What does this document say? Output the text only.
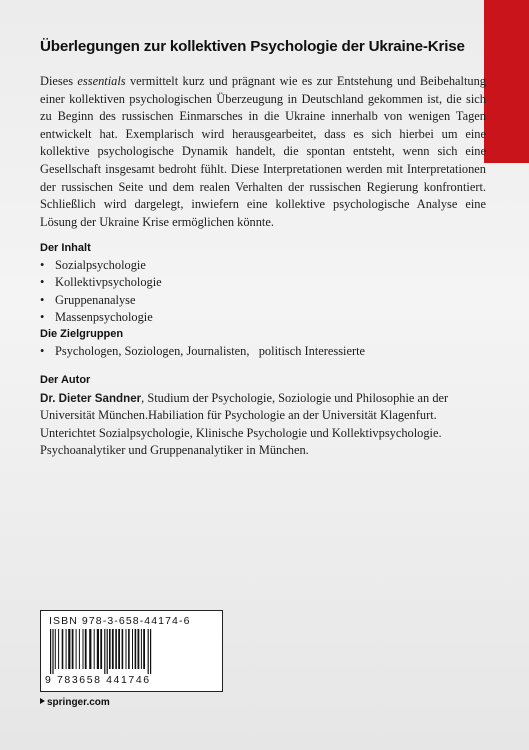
Überlegungen zur kollektiven Psychologie der Ukraine-Krise

Dieses essentials vermittelt kurz und prägnant wie es zur Entstehung und Beibehaltung einer kollektiven psychologischen Überzeugung in Deutschland gekommen ist, die sich zu Beginn des russischen Einmarsches in die Ukraine innerhalb von wenigen Tagen entwickelt hat. Exemplarisch wird herausgearbeitet, dass es sich hierbei um eine kollektive psychologische Dynamik handelt, die spontan entsteht, wenn sich eine Gesellschaft insgesamt bedroht fühlt. Diese Interpretationen werden mit Interpretationen der russischen Seite und dem realen Verhalten der russischen Regierung konfrontiert. Schließlich wird dargelegt, inwiefern eine kollektive psychologische Analyse eine Lösung der Ukraine Krise ermöglichen könnte.

Der Inhalt
• Sozialpsychologie
• Kollektivpsychologie
• Gruppenanalyse
• Massenpsychologie
Die Zielgruppen
• Psychologen, Soziologen, Journalisten,   politisch Interessierte
Der Autor

Dr. Dieter Sandner, Studium der Psychologie, Soziologie und Philosophie an der Universität München.Habiliation für Psychologie an der Universität Klagenfurt. Unterichtet Sozialpsychologie, Klinische Psychologie und Kollektivpsychologie. Psychoanalytiker und Gruppenanalytiker in München.

ISBN 978-3-658-44174-6
9 783658 441746
springer.com
